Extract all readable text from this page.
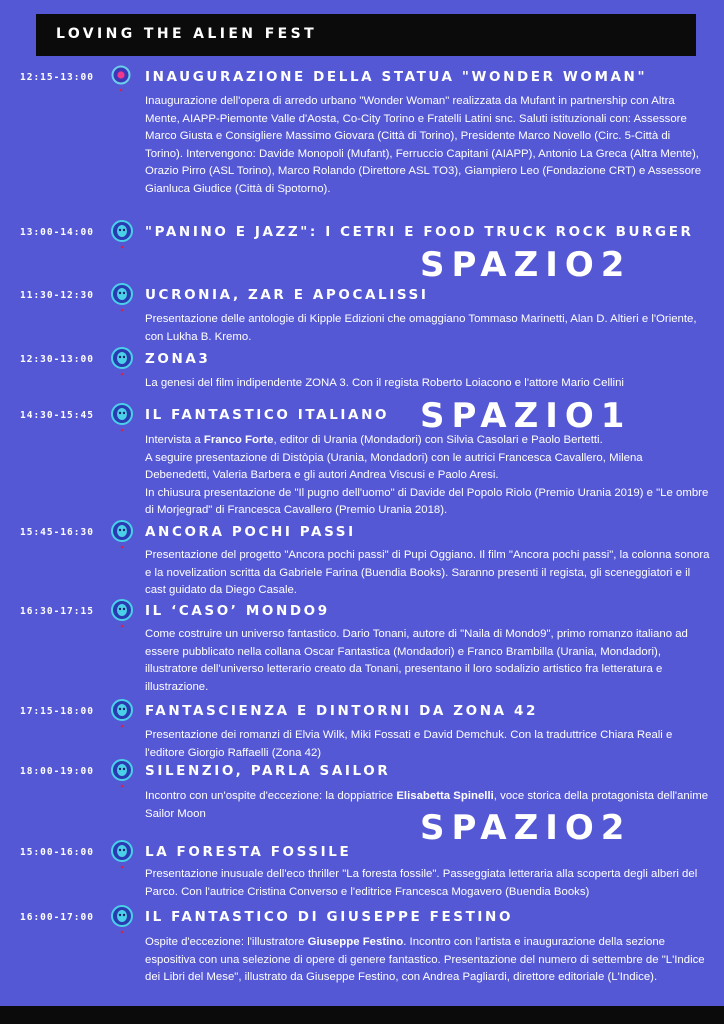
LOVING THE ALIEN FEST
12:15-13:00	INAUGURAZIONE DELLA STATUA "WONDER WOMAN"
Inaugurazione dell'opera di arredo urbano "Wonder Woman" realizzata da Mufant in partnership con Altra Mente, AIAPP-Piemonte Valle d'Aosta, Co-City Torino e Fratelli Latini snc. Saluti istituzionali con: Assessore Marco Giusta e Consigliere Massimo Giovara (Città di Torino), Presidente Marco Novello (Circ. 5-Città di Torino). Intervengono: Davide Monopoli (Mufant), Ferruccio Capitani (AIAPP), Antonio La Greca (Altra Mente), Orazio Pirro (ASL Torino), Marco Rolando (Direttore ASL TO3), Giampiero Leo (Fondazione CRT) e Assessore Gianluca Giudice (Città di Spotorno).
13:00-14:00	"PANINO E JAZZ": I CETRI E FOOD TRUCK ROCK BURGER
SPAZIO2
11:30-12:30	UCRONIA, ZAR E APOCALISSI
Presentazione delle antologie di Kipple Edizioni che omaggiano Tommaso Marinetti, Alan D. Altieri e l'Oriente, con Lukha B. Kremo.
12:30-13:00	ZONA3
La genesi del film indipendente ZONA 3. Con il regista Roberto Loiacono e l'attore Mario Cellini
14:30-15:45	IL FANTASTICO ITALIANO
Intervista a Franco Forte, editor di Urania (Mondadori) con Silvia Casolari e Paolo Bertetti.
A seguire presentazione di Distòpia (Urania, Mondadori) con le autrici Francesca Cavallero, Milena Debenedetti, Valeria Barbera e gli autori Andrea Viscusi e Paolo Aresi.
In chiusura presentazione de "Il pugno dell'uomo" di Davide del Popolo Riolo (Premio Urania 2019) e "Le ombre di Morjegrad" di Francesca Cavallero (Premio Urania 2018).
SPAZIO1
15:45-16:30	ANCORA POCHI PASSI
Presentazione del progetto "Ancora pochi passi" di Pupi Oggiano. Il film "Ancora pochi passi", la colonna sonora e la novelization scritta da Gabriele Farina (Buendia Books). Saranno presenti il regista, gli sceneggiatori e il cast guidato da Diego Casale.
16:30-17:15	IL ‘CASO’ MONDO9
Come costruire un universo fantastico. Dario Tonani, autore di "Naila di Mondo9", primo romanzo italiano ad essere pubblicato nella collana Oscar Fantastica (Mondadori) e Franco Brambilla (Urania, Mondadori), illustratore dell'universo letterario creato da Tonani, presentano il loro sodalizio artistico fra letteratura e illustrazione.
17:15-18:00	FANTASCIENZA E DINTORNI DA ZONA 42
Presentazione dei romanzi di Elvia Wilk, Miki Fossati e David Demchuk. Con la traduttrice Chiara Reali e l'editore Giorgio Raffaelli (Zona 42)
18:00-19:00	SILENZIO, PARLA SAILOR
Incontro con un'ospite d'eccezione: la doppiatrice Elisabetta Spinelli, voce storica della protagonista dell'anime Sailor Moon	SPAZIO2
15:00-16:00	LA FORESTA FOSSILE
Presentazione inusuale dell'eco thriller "La foresta fossile". Passeggiata letteraria alla scoperta degli alberi del Parco. Con l'autrice Cristina Converso e l'editrice Francesca Mogavero (Buendia Books)
16:00-17:00	IL FANTASTICO DI GIUSEPPE FESTINO
Ospite d'eccezione: l'illustratore Giuseppe Festino. Incontro con l'artista e inaugurazione della sezione espositiva con una selezione di opere di genere fantastico. Presentazione del numero di settembre de "L'Indice dei Libri del Mese", illustrato da Giuseppe Festino, con Andrea Pagliardi, direttore editoriale (L'Indice).
